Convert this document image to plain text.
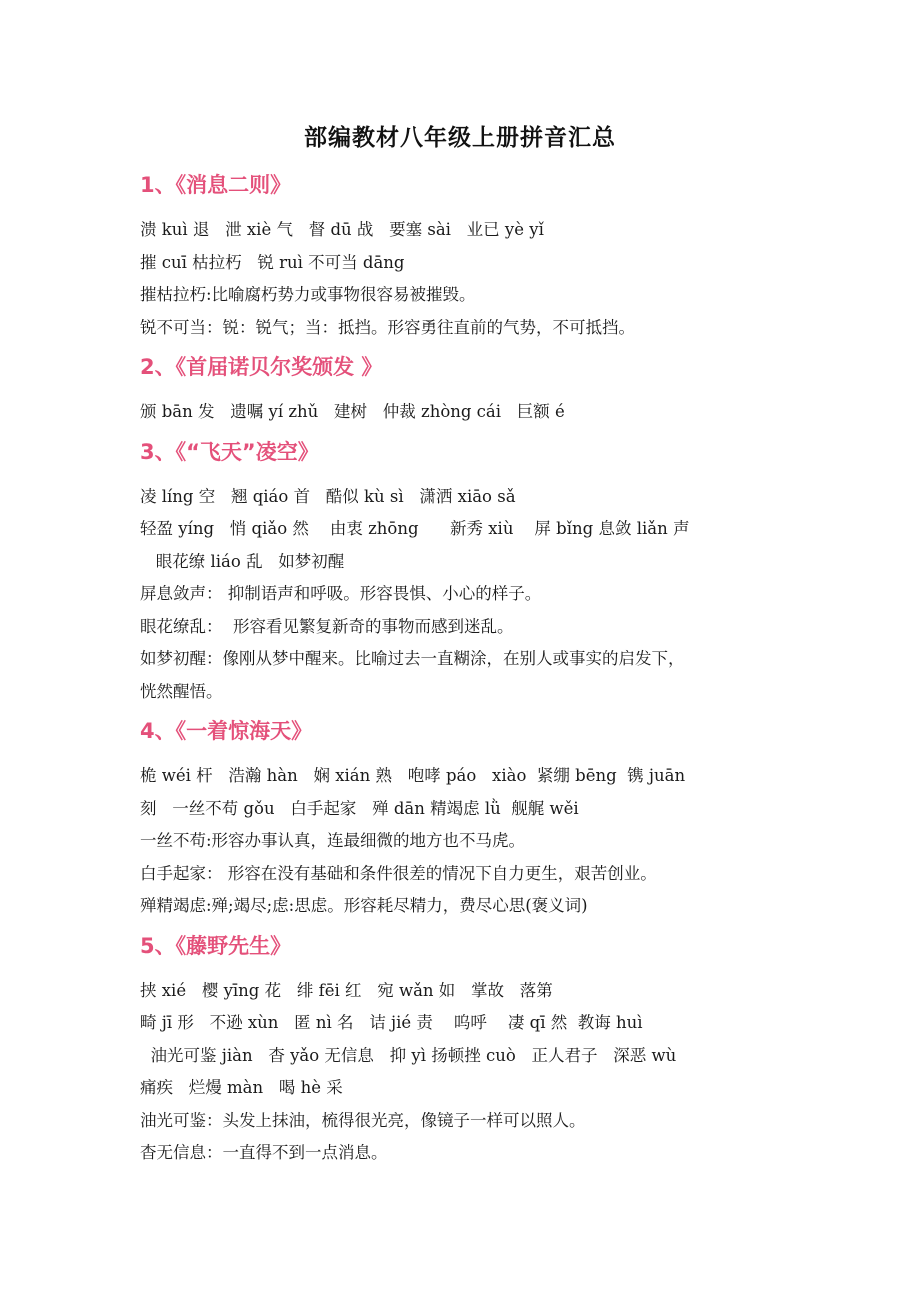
部编教材八年级上册拼音汇总
1、《消息二则》

溃 kuì 退   泄 xiè 气   督 dū 战   要塞 sài   业已 yè yǐ

摧 cuī 枯拉朽   锐 ruì 不可当 dāng

摧枯拉朽:比喻腐朽势力或事物很容易被摧毁。

锐不可当：锐：锐气；当：抵挡。形容勇往直前的气势，不可抵挡。

2、《首届诺贝尔奖颁发 》

颁 bān 发   遗嘱 yí zhǔ   建树   仲裁 zhòng cái   巨额 é

3、《“飞天”凌空》

凌 líng 空   翘 qiáo 首   酷似 kù sì   潇洒 xiāo sǎ

轻盈 yíng   悄 qiǎo 然    由衷 zhōng      新秀 xiù    屏 bǐng 息敛 liǎn 声

眼花缭 liáo 乱   如梦初醒

屏息敛声： 抑制语声和呼吸。形容畏惧、小心的样子。

眼花缭乱：  形容看见繁复新奇的事物而感到迷乱。

如梦初醒：像刚从梦中醒来。比喻过去一直糊涂，在别人或事实的启发下，

恍然醒悟。

4、《一着惊海天》

桅 wéi 杆   浩瀚 hàn   娴 xián 熟   咆哮 páo   xiào  紧绷 bēng  镌 juān

刻   一丝不苟 gǒu   白手起家   殚 dān 精竭虑 lǜ  舰艉 wěi

一丝不苟:形容办事认真，连最细微的地方也不马虎。

白手起家： 形容在没有基础和条件很差的情况下自力更生，艰苦创业。

殚精竭虑:殚;竭尽;虑:思虑。形容耗尽精力，费尽心思(褒义词)

5、《藤野先生》

挟 xié   樱 yīng 花   绯 fēi 红   宛 wǎn 如   掌故   落第

畸 jī 形   不逊 xùn   匿 nì 名   诘 jié 责    呜呼    凄 qī 然  教诲 huì

油光可鉴 jiàn   杳 yǎo 无信息   抑 yì 扬顿挫 cuò   正人君子   深恶 wù

痛疾   烂熳 màn   喝 hè 采

油光可鉴：头发上抹油，梳得很光亮，像镜子一样可以照人。

杳无信息：一直得不到一点消息。
